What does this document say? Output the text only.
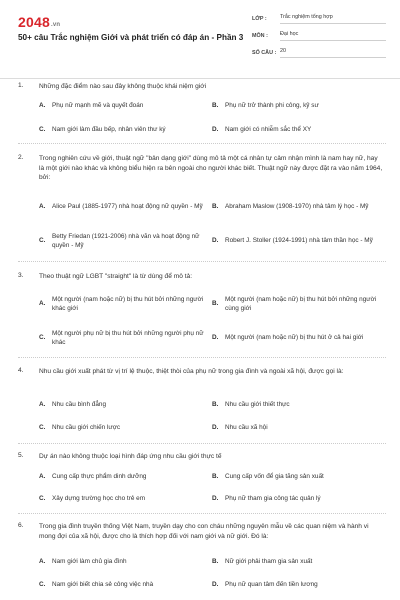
2048.vn
50+ câu Trắc nghiệm Giới và phát triển có đáp án - Phần 3
LỚP :	Trắc nghiệm tổng hợp
MÔN :	Đại học
SỐ CÂU : 20
1. Những đặc điểm nào sau đây không thuộc khái niệm giới
A.	Phụ nữ mạnh mẽ và quyết đoán	B.	Phụ nữ trở thành phi công, kỹ sư
C.	Nam giới làm đầu bếp, nhân viên thư ký	D.	Nam giới có nhiễm sắc thể XY
2. Trong nghiên cứu về giới, thuật ngữ "bản dạng giới" dùng mô tả một cá nhân tự cảm nhận mình là nam hay nữ, hay là một giới nào khác và không biểu hiện ra bên ngoài cho người khác biết. Thuật ngữ này được đặt ra vào năm 1964, bởi:
A.	Alice Paul (1885-1977) nhà hoạt động nữ quyền - Mỹ B.	Abraham Maslow (1908-1970) nhà tâm lý học - Mỹ
C.
Betty Friedan (1921-2006) nhà văn và hoạt động nữ quyền - Mỹ
D.	Robert J. Stoller (1924-1991) nhà tâm thần học - Mỹ
3. Theo thuật ngữ LGBT "straight" là từ dùng để mô tả:
A.
Một người (nam hoặc nữ) bị thu hút bởi những người khác giới
B.
Một người (nam hoặc nữ) bị thu hút bởi những người cùng giới
C.
Một người phụ nữ bị thu hút bởi những người phụ nữ khác
D.	Một người (nam hoặc nữ) bị thu hút ở cả hai giới
4. Nhu cầu giới xuất phát từ vị trí lệ thuộc, thiệt thòi của phụ nữ trong gia đình và ngoài xã hội, được gọi là:
A.	Nhu cầu bình đẳng	B.	Nhu cầu giới thiết thực
C.	Nhu cầu giới chiến lược	D.	Nhu cầu xã hội
5. Dự án nào không thuộc loại hình đáp ứng nhu cầu giới thực tế
A.	Cung cấp thực phẩm dinh dưỡng	B.	Cung cấp vốn để gia tăng sản xuất
C.	Xây dựng trường học cho trẻ em	D.	Phụ nữ tham gia công tác quản lý
6. Trong gia đình truyền thống Việt Nam, truyền dạy cho con cháu những nguyên mẫu về các quan niệm và hành vi mong đợi của xã hội, được cho là thích hợp đối với nam giới và nữ giới. Đó là:
A.	Nam giới làm chủ gia đình	B.	Nữ giới phải tham gia sản xuất
C.	Nam giới biết chia sẻ công việc nhà	D.	Phụ nữ quan tâm đến tiền lương
